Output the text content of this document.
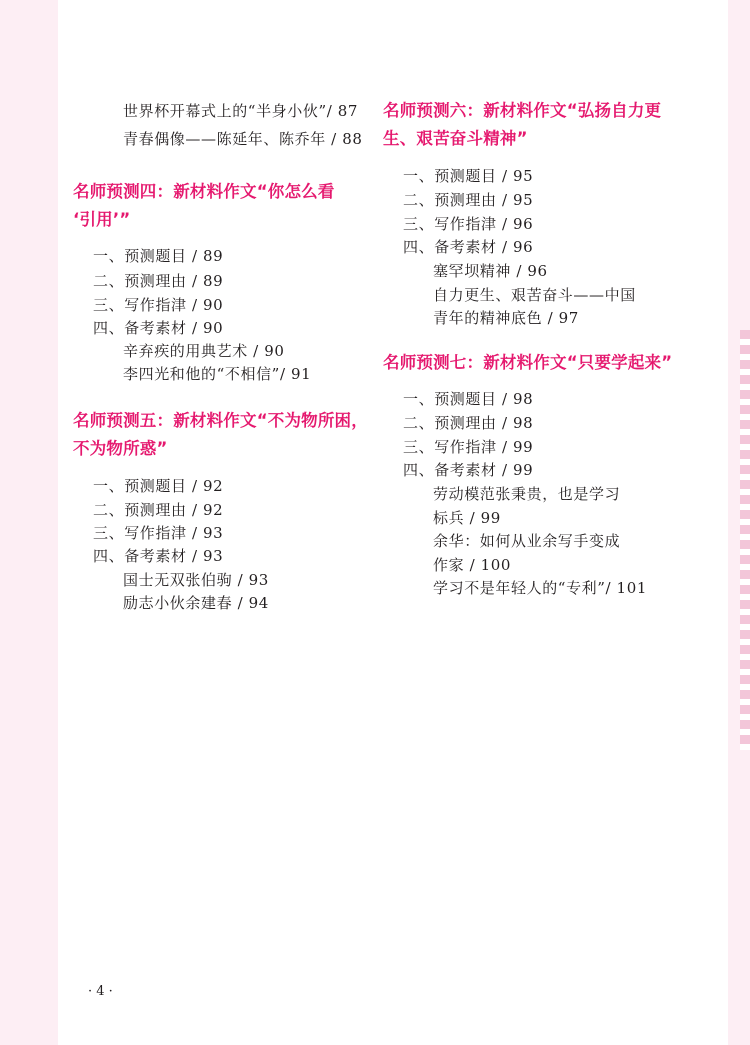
世界杯开幕式上的“半身小伙”/ 87
青春偶像——陈延年、陈乔年 / 88
名师预测四：新材料作文“你怎么看
‘引用’”
一、预测题目 / 89
二、预测理由 / 89
三、写作指津 / 90
四、备考素材 / 90
辛弃疾的用典艺术 / 90
李四光和他的“不相信”/ 91
名师预测五：新材料作文“不为物所困，
不为物所惑”
一、预测题目 / 92
二、预测理由 / 92
三、写作指津 / 93
四、备考素材 / 93
国士无双张伯驹 / 93
励志小伙余建春 / 94
名师预测六：新材料作文“弘扬自力更
生、艰苦奋斗精神”
一、预测题目 / 95
二、预测理由 / 95
三、写作指津 / 96
四、备考素材 / 96
塞罕坝精神 / 96
自力更生、艰苦奋斗——中国
青年的精神底色 / 97
名师预测七：新材料作文“只要学起来”
一、预测题目 / 98
二、预测理由 / 98
三、写作指津 / 99
四、备考素材 / 99
劳动模范张秉贵，也是学习
标兵 / 99
余华：如何从业余写手变成
作家 / 100
学习不是年轻人的“专利”/ 101
· 4 ·
